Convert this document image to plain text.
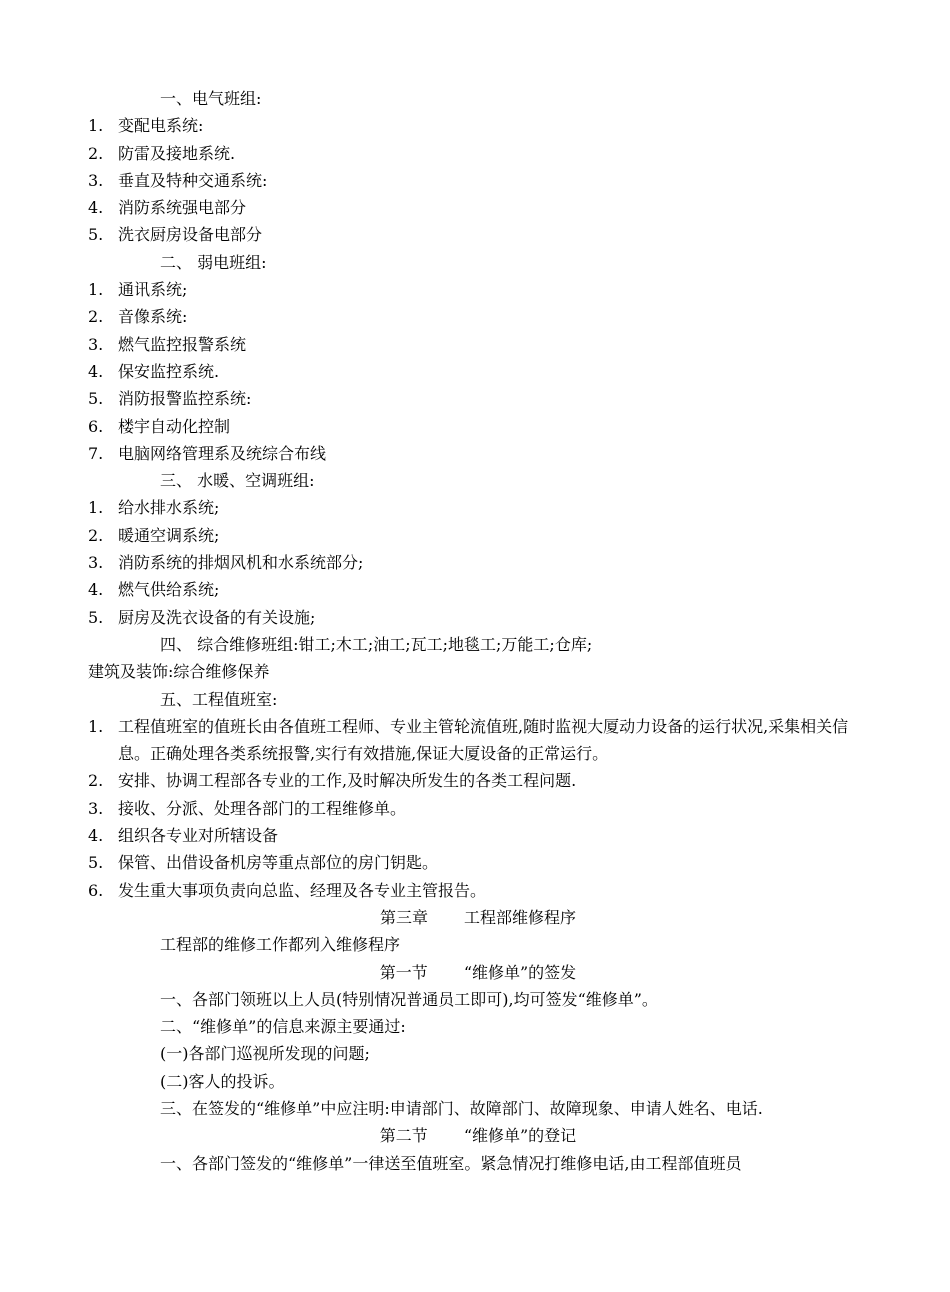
一、电气班组:
1. 变配电系统:
2. 防雷及接地系统.
3. 垂直及特种交通系统:
4. 消防系统强电部分
5. 洗衣厨房设备电部分
二、 弱电班组:
1. 通讯系统;
2. 音像系统:
3. 燃气监控报警系统
4. 保安监控系统.
5. 消防报警监控系统:
6. 楼宇自动化控制
7. 电脑网络管理系及统综合布线
三、 水暖、空调班组:
1. 给水排水系统;
2. 暖通空调系统;
3. 消防系统的排烟风机和水系统部分;
4. 燃气供给系统;
5. 厨房及洗衣设备的有关设施;
四、 综合维修班组:钳工;木工;油工;瓦工;地毯工;万能工;仓库;
建筑及装饰:综合维修保养
五、工程值班室:
1. 工程值班室的值班长由各值班工程师、专业主管轮流值班,随时监视大厦动力设备的运行状况,采集相关信息。正确处理各类系统报警,实行有效措施,保证大厦设备的正常运行。
2. 安排、协调工程部各专业的工作,及时解决所发生的各类工程问题.
3. 接收、分派、处理各部门的工程维修单。
4. 组织各专业对所辖设备
5. 保管、出借设备机房等重点部位的房门钥匙。
6. 发生重大事项负责向总监、经理及各专业主管报告。
第三章 工程部维修程序
工程部的维修工作都列入维修程序
第一节 “维修单”的签发
一、各部门领班以上人员(特别情况普通员工即可),均可签发“维修单”。
二、“维修单”的信息来源主要通过:
(一)各部门巡视所发现的问题;
(二)客人的投诉。
三、在签发的“维修单”中应注明:申请部门、故障部门、故障现象、申请人姓名、电话.
第二节 “维修单”的登记
一、各部门签发的“维修单”一律送至值班室。紧急情况打维修电话,由工程部值班员
